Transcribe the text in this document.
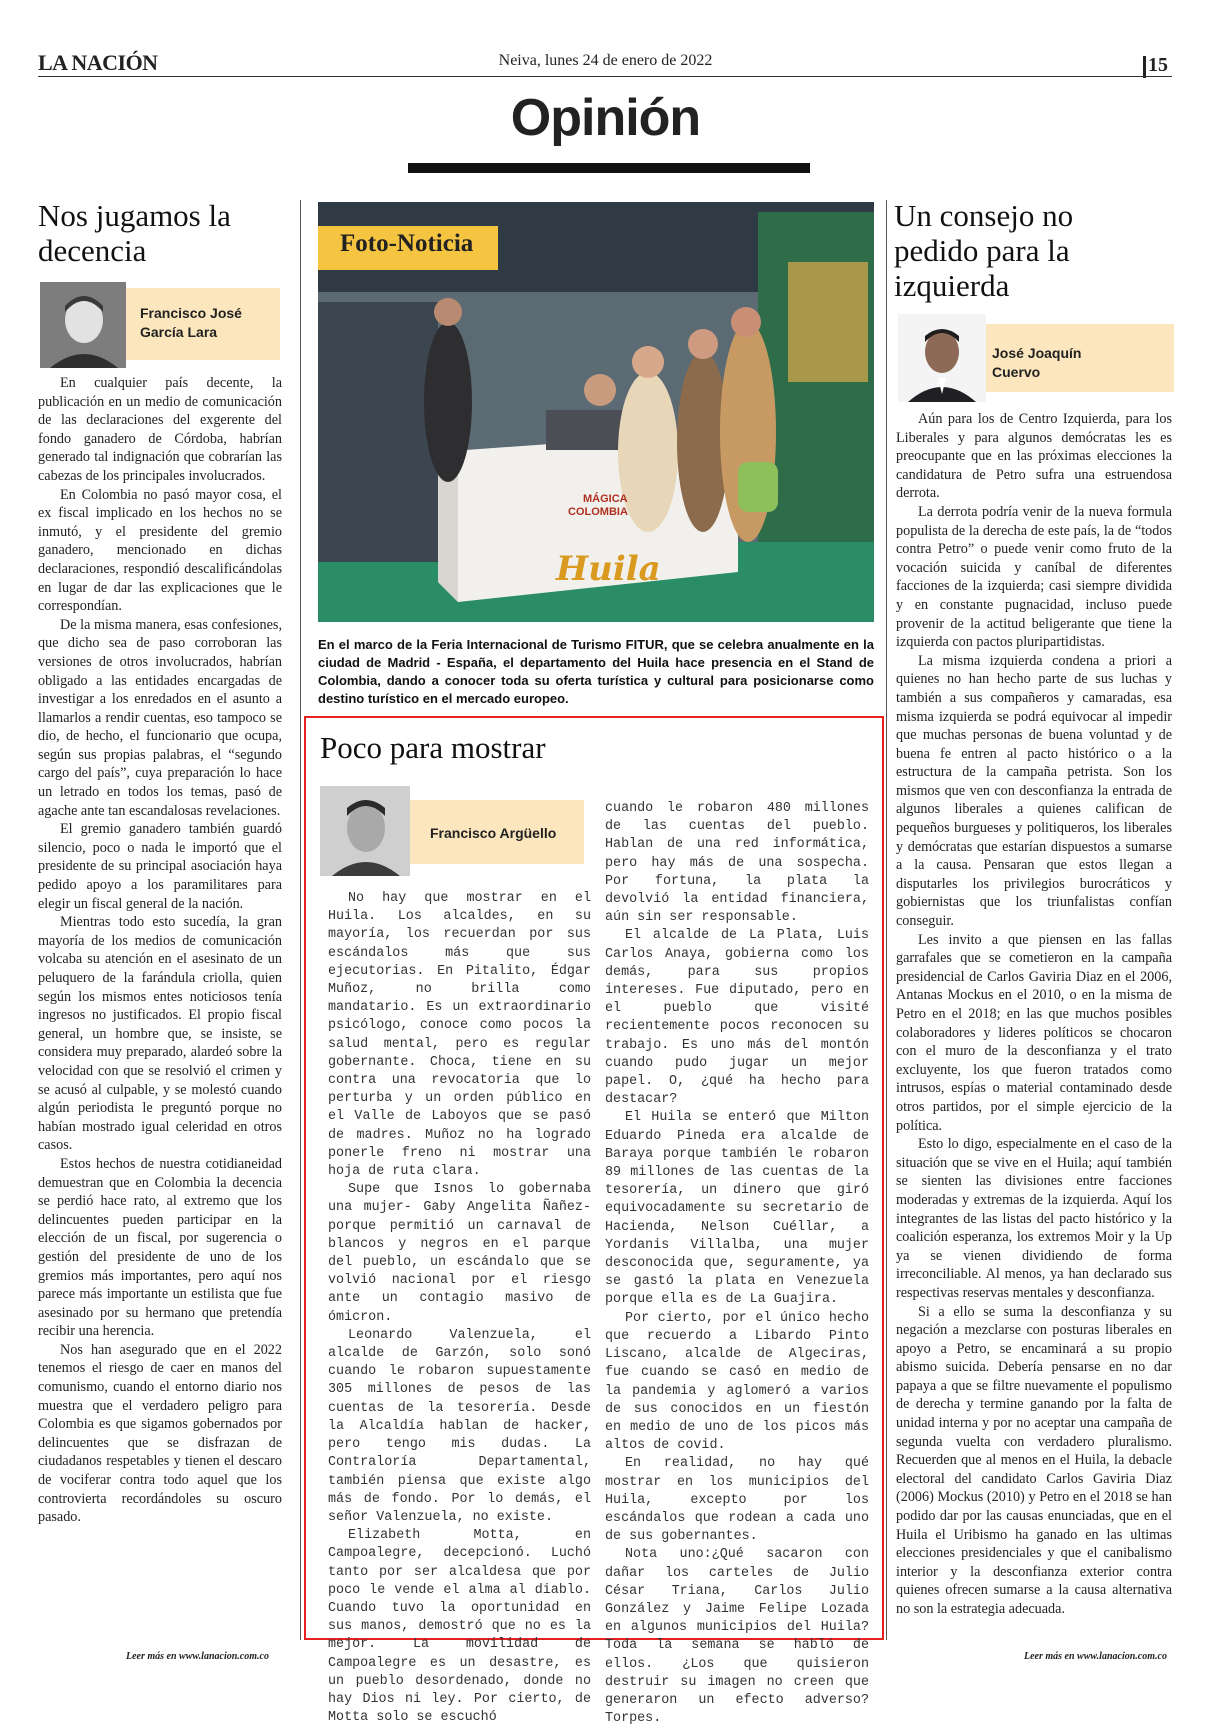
LA NACIÓN	Neiva, lunes 24 de enero de 2022	15
Opinión
Nos jugamos la
decencia
Francisco José
García Lara

En cualquier país decente, la publicación en un medio de comunicación de las declaraciones del exgerente del fondo ganadero de Córdoba, habrían generado tal indignación que cobrarían las cabezas de los principales involucrados.

En Colombia no pasó mayor cosa, el ex fiscal implicado en los hechos no se inmutó, y el presidente del gremio ganadero, mencionado en dichas declaraciones, respondió descalificándolas en lugar de dar las explicaciones que le correspondían.

De la misma manera, esas confesiones, que dicho sea de paso corroboran las versiones de otros involucrados, habrían obligado a las entidades encargadas de investigar a los enredados en el asunto a llamarlos a rendir cuentas, eso tampoco se dio, de hecho, el funcionario que ocupa, según sus propias palabras, el “segundo cargo del país”, cuya preparación lo hace un letrado en todos los temas, pasó de agache ante tan escandalosas revelaciones.

El gremio ganadero también guardó silencio, poco o nada le importó que el presidente de su principal asociación haya pedido apoyo a los paramilitares para elegir un fiscal general de la nación.

Mientras todo esto sucedía, la gran mayoría de los medios de comunicación volcaba su atención en el asesinato de un peluquero de la farándula criolla, quien según los mismos entes noticiosos tenía ingresos no justificados. El propio fiscal general, un hombre que, se insiste, se considera muy preparado, alardeó sobre la velocidad con que se resolvió el crimen y se acusó al culpable, y se molestó cuando algún periodista le preguntó porque no habían mostrado igual celeridad en otros casos.

Estos hechos de nuestra cotidianeidad demuestran que en Colombia la decencia se perdió hace rato, al extremo que los delincuentes pueden participar en la elección de un fiscal, por sugerencia o gestión del presidente de uno de los gremios más importantes, pero aquí nos parece más importante un estilista que fue asesinado por su hermano que pretendía recibir una herencia.

Nos han asegurado que en el 2022 tenemos el riesgo de caer en manos del comunismo, cuando el entorno diario nos muestra que el verdadero peligro para Colombia es que sigamos gobernados por delincuentes que se disfrazan de ciudadanos respetables y tienen el descaro de vociferar contra todo aquel que los controvierta recordándoles su oscuro pasado.

Leer más en www.lanacion.com.co
MÁGICA
COLOMBIA
Huila
Foto-Noticia
En el marco de la Feria Internacional de Turismo FITUR, que se celebra anualmente en la ciudad de Madrid - España, el departamento del Huila hace presencia en el Stand de Colombia, dando a conocer toda su oferta turística y cultural para posicionarse como destino turístico en el mercado europeo.
Poco para mostrar
Francisco Argüello

No hay que mostrar en el Huila. Los alcaldes, en su mayoría, los recuerdan por sus escándalos más que sus ejecutorias. En Pitalito, Édgar Muñoz, no brilla como mandatario. Es un extraordinario psicólogo, conoce como pocos la salud mental, pero es regular gobernante. Choca, tiene en su contra una revocatoria que lo perturba y un orden público en el Valle de Laboyos que se pasó de madres. Muñoz no ha logrado ponerle freno ni mostrar una hoja de ruta clara.

Supe que Isnos lo gobernaba una mujer- Gaby Angelita Ñañez- porque permitió un carnaval de blancos y negros en el parque del pueblo, un escándalo que se volvió nacional por el riesgo ante un contagio masivo de ómicron.

Leonardo Valenzuela, el alcalde de Garzón, solo sonó cuando le robaron supuestamente 305 millones de pesos de las cuentas de la tesorería. Desde la Alcaldía hablan de hacker, pero tengo mis dudas. La Contraloría Departamental, también piensa que existe algo más de fondo. Por lo demás, el señor Valenzuela, no existe.

Elizabeth Motta, en Campoalegre, decepcionó. Luchó tanto por ser alcaldesa que por poco le vende el alma al diablo. Cuando tuvo la oportunidad en sus manos, demostró que no es la mejor. La movilidad de Campoalegre es un desastre, es un pueblo desordenado, donde no hay Dios ni ley. Por cierto, de Motta solo se escuchó

cuando le robaron 480 millones de las cuentas del pueblo. Hablan de una red informática, pero hay más de una sospecha. Por fortuna, la plata la devolvió la entidad financiera, aún sin ser responsable.

El alcalde de La Plata, Luis Carlos Anaya, gobierna como los demás, para sus propios intereses. Fue diputado, pero en el pueblo que visité recientemente pocos reconocen su trabajo. Es uno más del montón cuando pudo jugar un mejor papel. O, ¿qué ha hecho para destacar?

El Huila se enteró que Milton Eduardo Pineda era alcalde de Baraya porque también le robaron 89 millones de las cuentas de la tesorería, un dinero que giró equivocadamente su secretario de Hacienda, Nelson Cuéllar, a Yordanis Villalba, una mujer desconocida que, seguramente, ya se gastó la plata en Venezuela porque ella es de La Guajira.

Por cierto, por el único hecho que recuerdo a Libardo Pinto Liscano, alcalde de Algeciras, fue cuando se casó en medio de la pandemia y aglomeró a varios de sus conocidos en un fiestón en medio de uno de los picos más altos de covid.

En realidad, no hay qué mostrar en los municipios del Huila, excepto por los escándalos que rodean a cada uno de sus gobernantes.

Nota uno:¿Qué sacaron con dañar los carteles de Julio César Triana, Carlos Julio González y Jaime Felipe Lozada en algunos municipios del Huila? Toda la semana se habló de ellos. ¿Los que quisieron destruir su imagen no creen que generaron un efecto adverso? Torpes.

Un consejo no
pedido para la
izquierda
José Joaquín
Cuervo

Aún para los de Centro Izquierda, para los Liberales y para algunos demócratas les es preocupante que en las próximas elecciones la candidatura de Petro sufra una estruendosa derrota.

La derrota podría venir de la nueva formula populista de la derecha de este país, la de “todos contra Petro” o puede venir como fruto de la vocación suicida y caníbal de diferentes facciones de la izquierda; casi siempre dividida y en constante pugnacidad, incluso puede provenir de la actitud beligerante que tiene la izquierda con pactos pluripartidistas.

La misma izquierda condena a priori a quienes no han hecho parte de sus luchas y también a sus compañeros y camaradas, esa misma izquierda se podrá equivocar al impedir que muchas personas de buena voluntad y de buena fe entren al pacto histórico o a la estructura de la campaña petrista. Son los mismos que ven con desconfianza la entrada de algunos liberales a quienes califican de pequeños burgueses y politiqueros, los liberales y demócratas que estarían dispuestos a sumarse a la causa. Pensaran que estos llegan a disputarles los privilegios burocráticos y gobiernistas que los triunfalistas confían conseguir.

Les invito a que piensen en las fallas garrafales que se cometieron en la campaña presidencial de Carlos Gaviria Diaz en el 2006, Antanas Mockus en el 2010, o en la misma de Petro en el 2018; en las que muchos posibles colaboradores y lideres políticos se chocaron con el muro de la desconfianza y el trato excluyente, los que fueron tratados como intrusos, espías o material contaminado desde otros partidos, por el simple ejercicio de la política.

Esto lo digo, especialmente en el caso de la situación que se vive en el Huila; aquí también se sienten las divisiones entre facciones moderadas y extremas de la izquierda. Aquí los integrantes de las listas del pacto histórico y la coalición esperanza, los extremos Moir y la Up ya se vienen dividiendo de forma irreconciliable. Al menos, ya han declarado sus respectivas reservas mentales y desconfianza.

Si a ello se suma la desconfianza y su negación a mezclarse con posturas liberales en apoyo a Petro, se encaminará a su propio abismo suicida. Debería pensarse en no dar papaya a que se filtre nuevamente el populismo de derecha y termine ganando por la falta de unidad interna y por no aceptar una campaña de segunda vuelta con verdadero pluralismo. Recuerden que al menos en el Huila, la debacle electoral del candidato Carlos Gaviria Diaz (2006) Mockus (2010) y Petro en el 2018 se han podido dar por las causas enunciadas, que en el Huila el Uribismo ha ganado en las ultimas elecciones presidenciales y que el canibalismo interior y la desconfianza exterior contra quienes ofrecen sumarse a la causa alternativa no son la estrategia adecuada.

Leer más en www.lanacion.com.co
